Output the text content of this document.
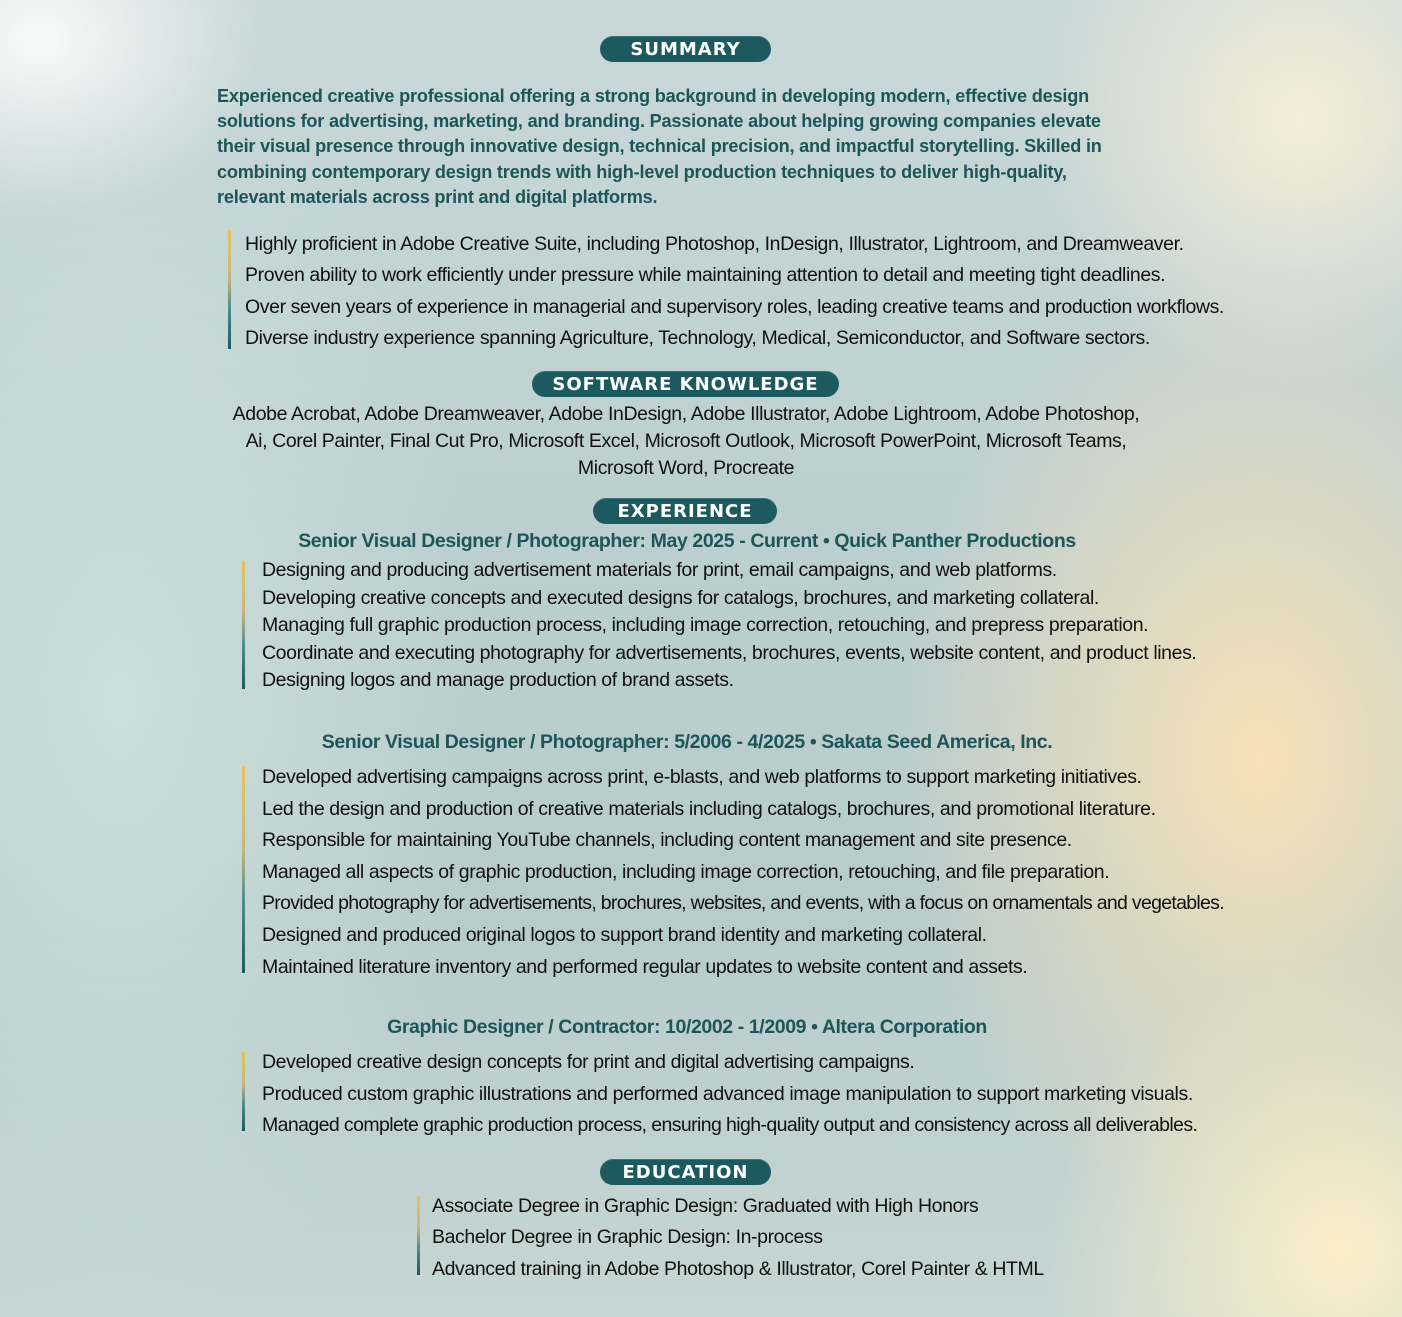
SUMMARY
Experienced creative professional offering a strong background in developing modern, effective design solutions for advertising, marketing, and branding. Passionate about helping growing companies elevate their visual presence through innovative design, technical precision, and impactful storytelling. Skilled in combining contemporary design trends with high-level production techniques to deliver high-quality, relevant materials across print and digital platforms.
Highly proficient in Adobe Creative Suite, including Photoshop, InDesign, Illustrator, Lightroom, and Dreamweaver.
Proven ability to work efficiently under pressure while maintaining attention to detail and meeting tight deadlines.
Over seven years of experience in managerial and supervisory roles, leading creative teams and production workflows.
Diverse industry experience spanning Agriculture, Technology, Medical, Semiconductor, and Software sectors.
SOFTWARE KNOWLEDGE
Adobe Acrobat, Adobe Dreamweaver, Adobe InDesign, Adobe Illustrator, Adobe Lightroom, Adobe Photoshop,
Ai, Corel Painter, Final Cut Pro, Microsoft Excel, Microsoft Outlook, Microsoft PowerPoint, Microsoft Teams,
Microsoft Word, Procreate
EXPERIENCE
Senior Visual Designer / Photographer: May 2025 - Current • Quick Panther Productions
Designing and producing advertisement materials for print, email campaigns, and web platforms.
Developing creative concepts and executed designs for catalogs, brochures, and marketing collateral.
Managing full graphic production process, including image correction, retouching, and prepress preparation.
Coordinate and executing photography for advertisements, brochures, events, website content, and product lines.
Designing logos and manage production of brand assets.
Senior Visual Designer / Photographer: 5/2006 - 4/2025 • Sakata Seed America, Inc.
Developed advertising campaigns across print, e-blasts, and web platforms to support marketing initiatives.
Led the design and production of creative materials including catalogs, brochures, and promotional literature.
Responsible for maintaining YouTube channels, including content management and site presence.
Managed all aspects of graphic production, including image correction, retouching, and file preparation.
Provided photography for advertisements, brochures, websites, and events, with a focus on ornamentals and vegetables.
Designed and produced original logos to support brand identity and marketing collateral.
Maintained literature inventory and performed regular updates to website content and assets.
Graphic Designer / Contractor: 10/2002 - 1/2009 • Altera Corporation
Developed creative design concepts for print and digital advertising campaigns.
Produced custom graphic illustrations and performed advanced image manipulation to support marketing visuals.
Managed complete graphic production process, ensuring high-quality output and consistency across all deliverables.
EDUCATION
Associate Degree in Graphic Design: Graduated with High Honors
Bachelor Degree in Graphic Design: In-process
Advanced training in Adobe Photoshop & Illustrator, Corel Painter & HTML
